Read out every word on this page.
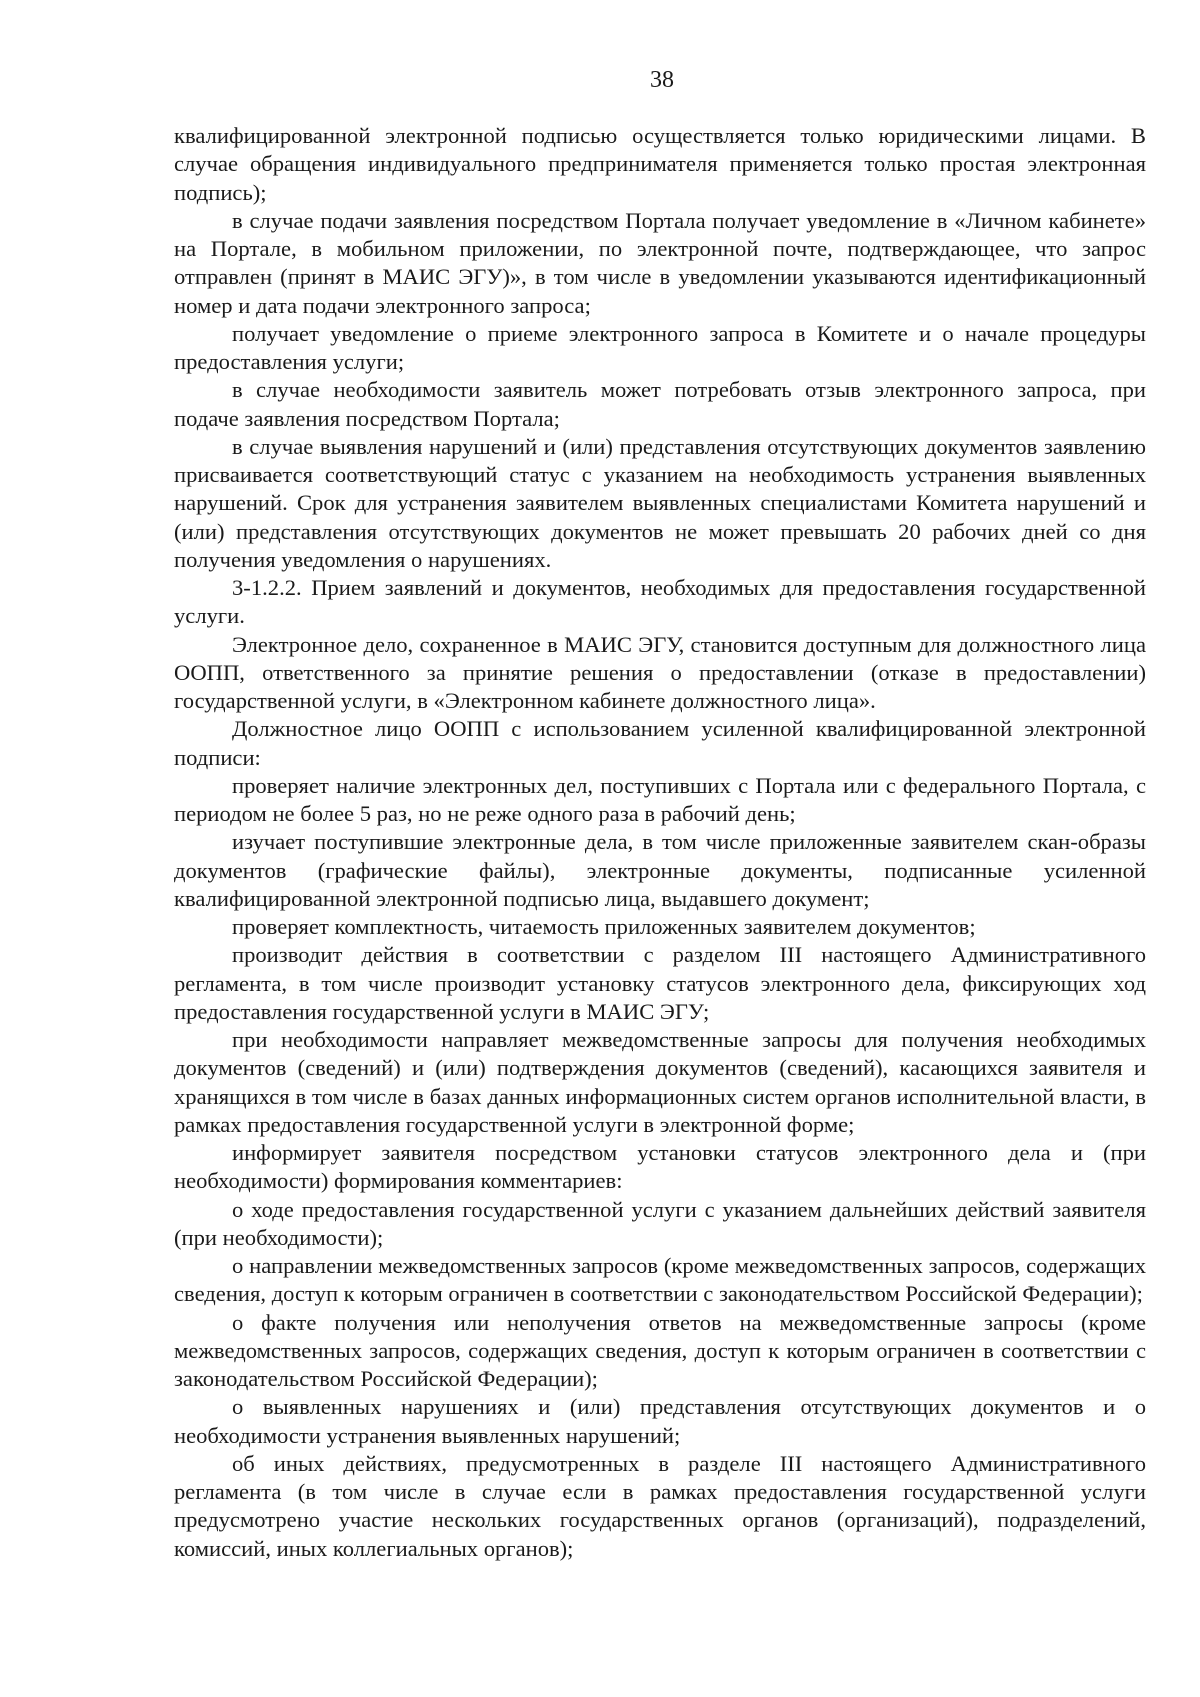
38

квалифицированной электронной подписью осуществляется только юридическими лицами. В случае обращения индивидуального предпринимателя применяется только простая электронная подпись);

в случае подачи заявления посредством Портала получает уведомление в «Личном кабинете» на Портале, в мобильном приложении, по электронной почте, подтверждающее, что запрос отправлен (принят в МАИС ЭГУ)», в том числе в уведомлении указываются идентификационный номер и дата подачи электронного запроса;

получает уведомление о приеме электронного запроса в Комитете и о начале процедуры предоставления услуги;

в случае необходимости заявитель может потребовать отзыв электронного запроса, при подаче заявления посредством Портала;

в случае выявления нарушений и (или) представления отсутствующих документов заявлению присваивается соответствующий статус с указанием на необходимость устранения выявленных нарушений. Срок для устранения заявителем выявленных специалистами Комитета нарушений и (или) представления отсутствующих документов не может превышать 20 рабочих дней со дня получения уведомления о нарушениях.

3-1.2.2. Прием заявлений и документов, необходимых для предоставления государственной услуги.

Электронное дело, сохраненное в МАИС ЭГУ, становится доступным для должностного лица ООПП, ответственного за принятие решения о предоставлении (отказе в предоставлении) государственной услуги, в «Электронном кабинете должностного лица».

Должностное лицо ООПП с использованием усиленной квалифицированной электронной подписи:

проверяет наличие электронных дел, поступивших с Портала или с федерального Портала, с периодом не более 5 раз, но не реже одного раза в рабочий день;

изучает поступившие электронные дела, в том числе приложенные заявителем скан-образы документов (графические файлы), электронные документы, подписанные усиленной квалифицированной электронной подписью лица, выдавшего документ;

проверяет комплектность, читаемость приложенных заявителем документов;

производит действия в соответствии с разделом III настоящего Административного регламента, в том числе производит установку статусов электронного дела, фиксирующих ход предоставления государственной услуги в МАИС ЭГУ;

при необходимости направляет межведомственные запросы для получения необходимых документов (сведений) и (или) подтверждения документов (сведений), касающихся заявителя и хранящихся в том числе в базах данных информационных систем органов исполнительной власти, в рамках предоставления государственной услуги в электронной форме;

информирует заявителя посредством установки статусов электронного дела и (при необходимости) формирования комментариев:

о ходе предоставления государственной услуги с указанием дальнейших действий заявителя (при необходимости);

о направлении межведомственных запросов (кроме межведомственных запросов, содержащих сведения, доступ к которым ограничен в соответствии с законодательством Российской Федерации);

о факте получения или неполучения ответов на межведомственные запросы (кроме межведомственных запросов, содержащих сведения, доступ к которым ограничен в соответствии с законодательством Российской Федерации);

о выявленных нарушениях и (или) представления отсутствующих документов и о необходимости устранения выявленных нарушений;

об иных действиях, предусмотренных в разделе III настоящего Административного регламента (в том числе в случае если в рамках предоставления государственной услуги предусмотрено участие нескольких государственных органов (организаций), подразделений, комиссий, иных коллегиальных органов);
